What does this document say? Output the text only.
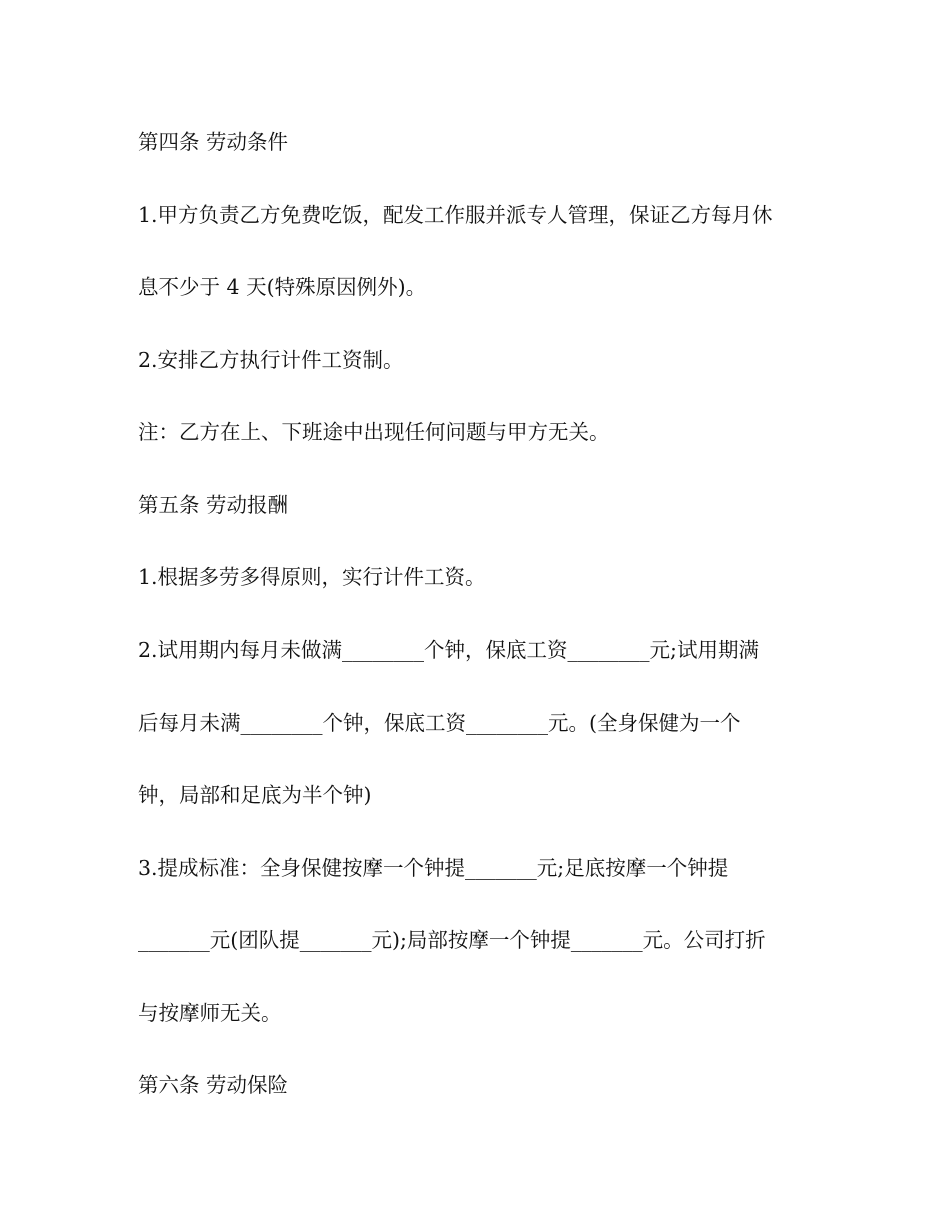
第四条 劳动条件
1.甲方负责乙方免费吃饭，配发工作服并派专人管理，保证乙方每月休
息不少于 4 天(特殊原因例外)。
2.安排乙方执行计件工资制。
注：乙方在上、下班途中出现任何问题与甲方无关。
第五条 劳动报酬
1.根据多劳多得原则，实行计件工资。
2.试用期内每月未做满________个钟，保底工资________元;试用期满
后每月未满________个钟，保底工资________元。(全身保健为一个
钟，局部和足底为半个钟)
3.提成标准：全身保健按摩一个钟提_______元;足底按摩一个钟提
_______元(团队提_______元);局部按摩一个钟提_______元。公司打折
与按摩师无关。
第六条 劳动保险
